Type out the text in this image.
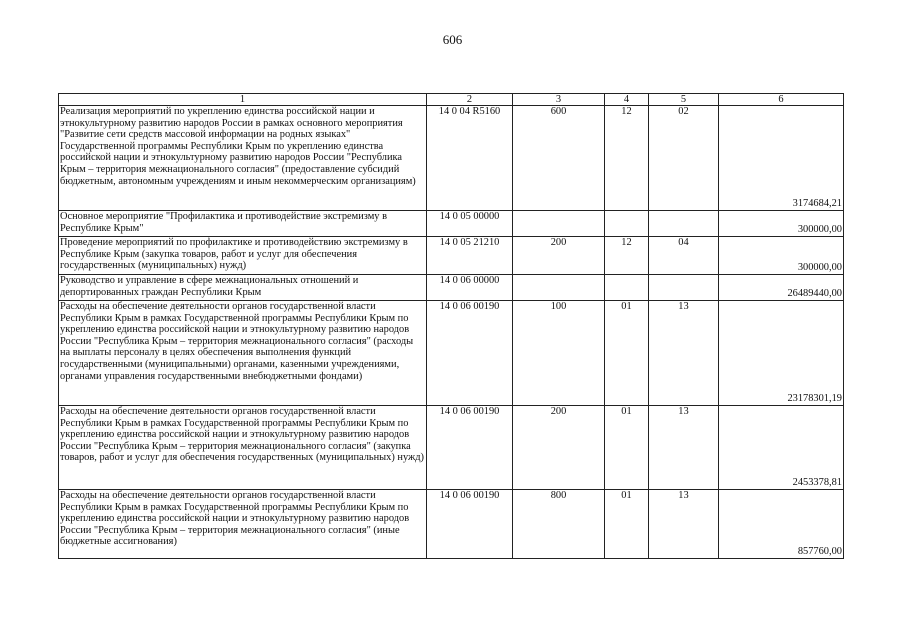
606
1	2	3	4	5	6
Реализация мероприятий по укреплению единства российской нации и этнокультурному развитию народов России в рамках основного мероприятия "Развитие сети средств массовой информации на родных языках" Государственной программы Республики Крым по укреплению единства российской нации и этнокультурному развитию народов России "Республика Крым – территория межнационального согласия" (предоставление субсидий бюджетным, автономным учреждениям и иным некоммерческим организациям)	14 0 04 R5160	600	12	02	3174684,21
Основное мероприятие "Профилактика и противодействие экстремизму в Республике Крым"	14 0 05 00000				300000,00
Проведение мероприятий по профилактике и противодействию экстремизму в Республике Крым (закупка товаров, работ и услуг для обеспечения государственных (муниципальных) нужд)	14 0 05 21210	200	12	04	300000,00
Руководство и управление в сфере межнациональных отношений и депортированных граждан Республики Крым	14 0 06 00000				26489440,00
Расходы на обеспечение деятельности органов государственной власти Республики Крым в рамках Государственной программы Республики Крым по укреплению единства российской нации и этнокультурному развитию народов России "Республика Крым – территория межнационального согласия" (расходы на выплаты персоналу в целях обеспечения выполнения функций государственными (муниципальными) органами, казенными учреждениями, органами управления государственными внебюджетными фондами)	14 0 06 00190	100	01	13	23178301,19
Расходы на обеспечение деятельности органов государственной власти Республики Крым в рамках Государственной программы Республики Крым по укреплению единства российской нации и этнокультурному развитию народов России "Республика Крым – территория межнационального согласия" (закупка товаров, работ и услуг для обеспечения государственных (муниципальных) нужд)	14 0 06 00190	200	01	13	2453378,81
Расходы на обеспечение деятельности органов государственной власти Республики Крым в рамках Государственной программы Республики Крым по укреплению единства российской нации и этнокультурному развитию народов России "Республика Крым – территория межнационального согласия" (иные бюджетные ассигнования)	14 0 06 00190	800	01	13	857760,00
